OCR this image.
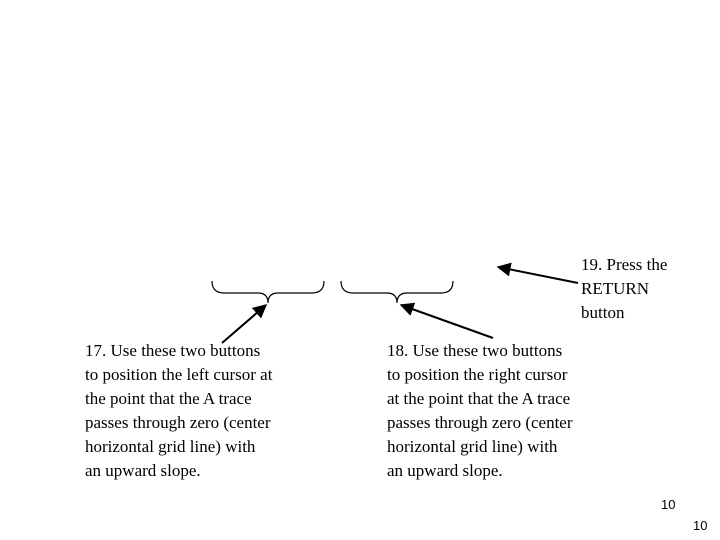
17. Use these two buttons
to position the left cursor at
the point that the A trace
passes through zero (center
horizontal grid line) with
an upward slope.

18. Use these two buttons
to position the right cursor
at the point that the A trace
passes through zero (center
horizontal grid line) with
an upward slope.

19. Press the
RETURN
button

10
10
